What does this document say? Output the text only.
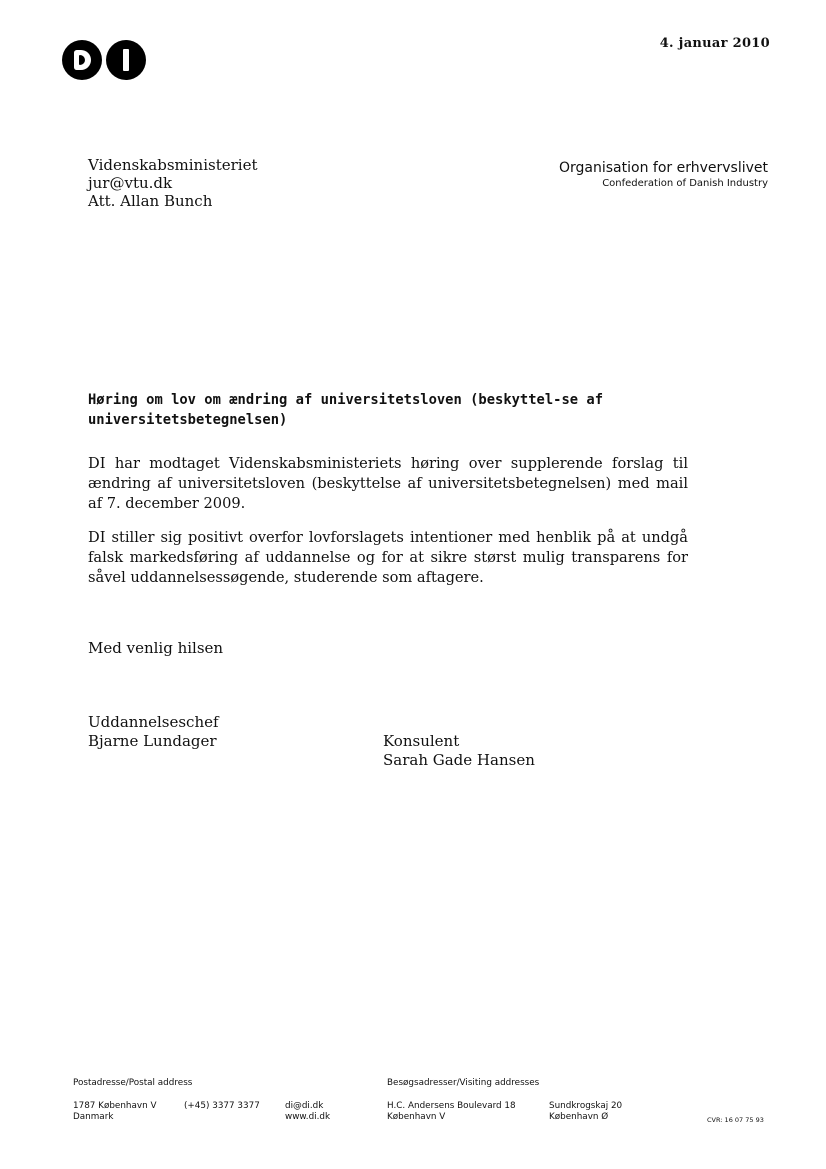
4. januar 2010
Videnskabsministeriet
jur@vtu.dk
Att. Allan Bunch
Organisation for erhvervslivet
Confederation of Danish Industry

Høring om lov om ændring af universitetsloven (beskyttel-se af universitetsbetegnelsen)

DI har modtaget Videnskabsministeriets høring over supplerende forslag til ændring af universitetsloven (beskyttelse af universitetsbetegnelsen) med mail af 7. december 2009.

DI stiller sig positivt overfor lovforslagets intentioner med henblik på at undgå falsk markedsføring af uddannelse og for at sikre størst mulig transparens for såvel uddannelsessøgende, studerende som aftagere.

Med venlig hilsen
Uddannelseschef
Bjarne Lundager	Konsulent
Sarah Gade Hansen
Postadresse/Postal address	Besøgsadresser/Visiting addresses
1787 København V
Danmark
(+45) 3377 3377	di@di.dk
www.di.dk
H.C. Andersens Boulevard 18
København V
Sundkrogskaj 20
København Ø	CVR: 16 07 75 93
